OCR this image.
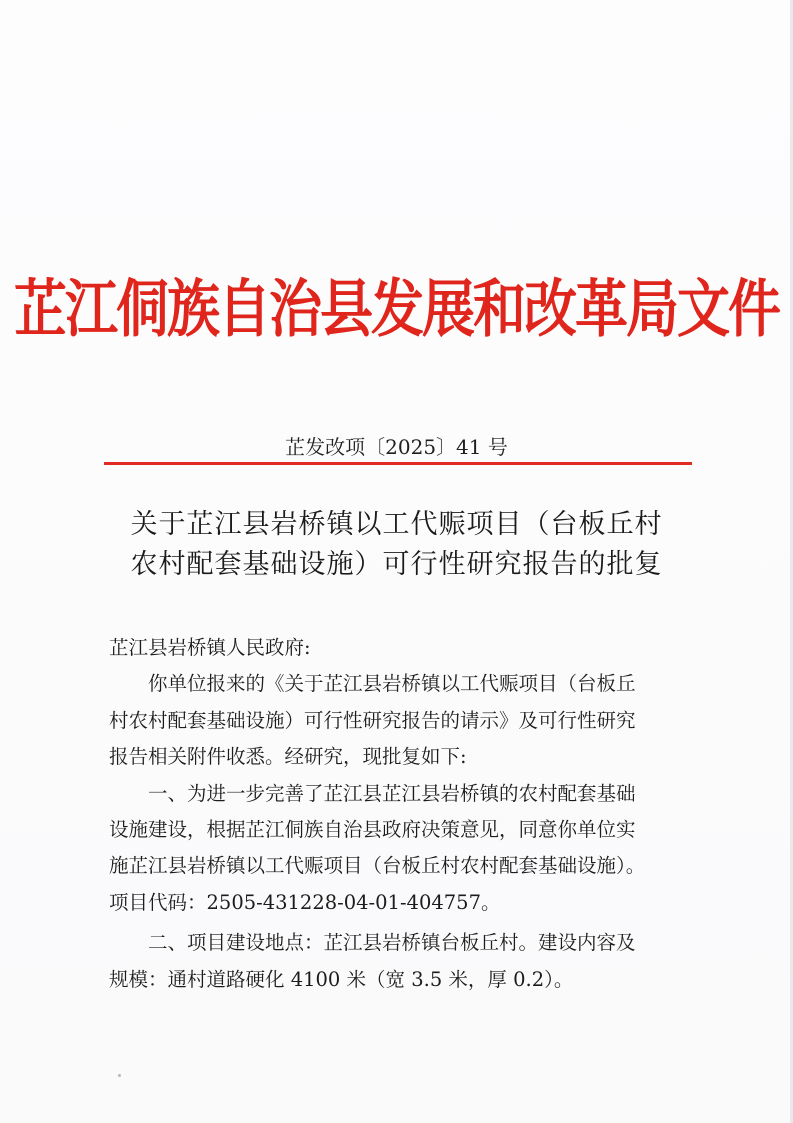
芷江侗族自治县发展和改革局文件
芷发改项〔2025〕41 号
关于芷江县岩桥镇以工代赈项目（台板丘村
农村配套基础设施）可行性研究报告的批复
芷江县岩桥镇人民政府:
你单位报来的《关于芷江县岩桥镇以工代赈项目（台板丘
村农村配套基础设施）可行性研究报告的请示》及可行性研究
报告相关附件收悉。经研究，现批复如下:
一、为进一步完善了芷江县芷江县岩桥镇的农村配套基础
设施建设，根据芷江侗族自治县政府决策意见，同意你单位实
施芷江县岩桥镇以工代赈项目（台板丘村农村配套基础设施）。
项目代码：2505-431228-04-01-404757。
二、项目建设地点：芷江县岩桥镇台板丘村。建设内容及
规模：通村道路硬化 4100 米（宽 3.5 米，厚 0.2）。
